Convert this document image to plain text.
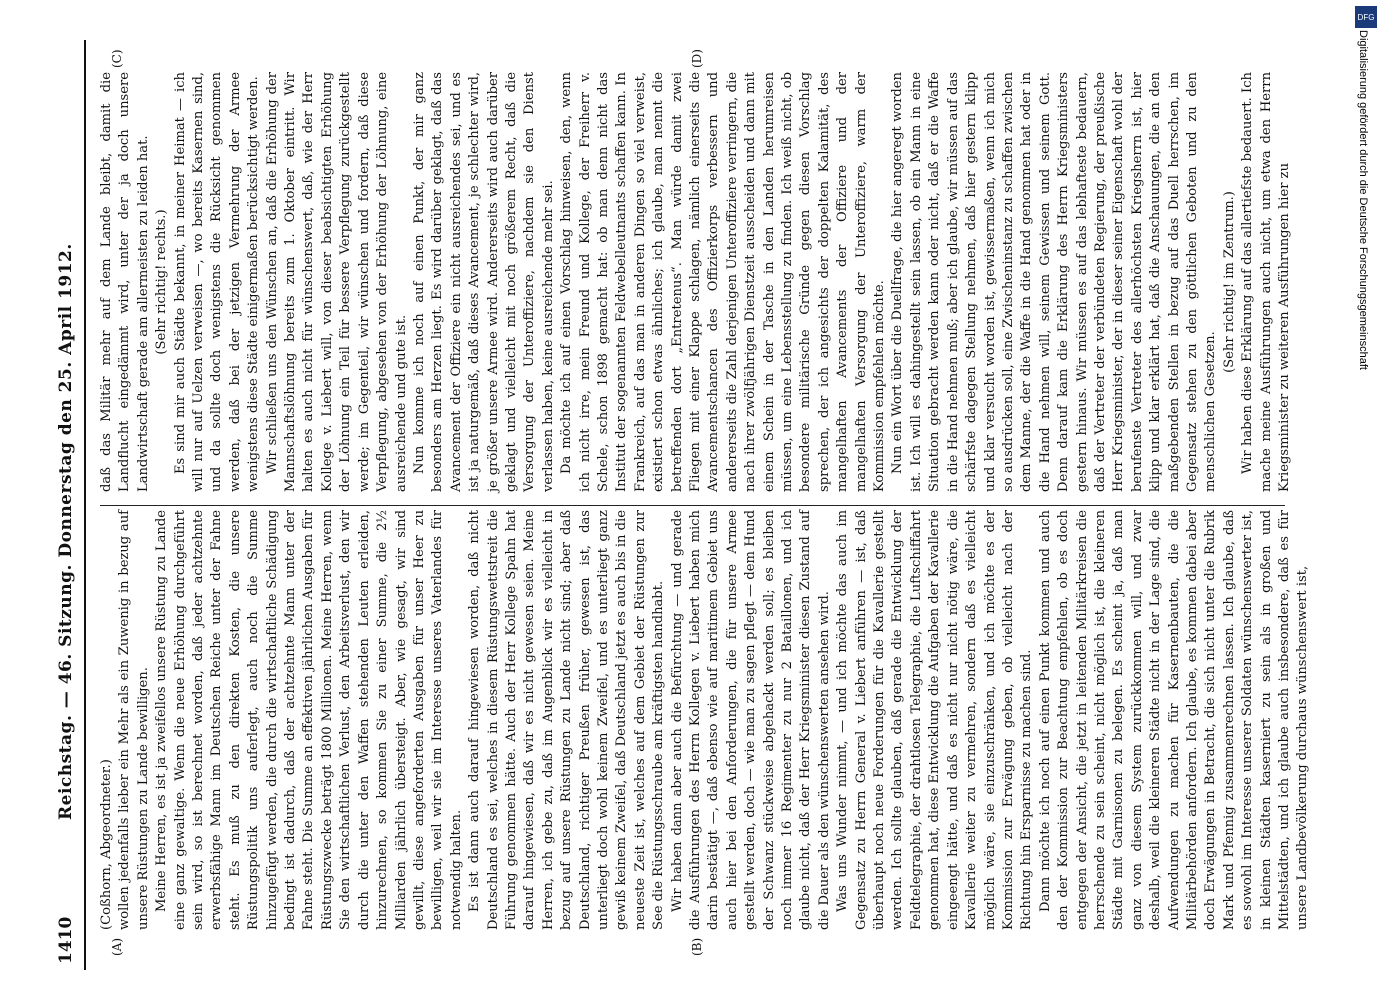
1410
Reichstag. — 46. Sitzung. Donnerstag den 25. April 1912.
(A)	(B)
(C)	(D)

(Coßhorn, Abgeordneter.) wollen jedenfalls lieber ein Mehr als ein Zuwenig in bezug auf unsere Rüstungen zu Lande bewilligen. Meine Herren, es ist ja zweifellos unsere Rüstung zu Lande eine ganz gewaltige. Wenn die neue Erhöhung durchgeführt sein wird, so ist berechnet worden, daß jeder achtzehnte erwerbsfähige Mann im Deutschen Reiche unter der Fahne steht. Es muß zu den direkten Kosten, die unsere Rüstungspolitik uns auferlegt, auch noch die Summe hinzugefügt werden, die durch die wirtschaftliche Schädigung bedingt ist dadurch, daß der achtzehnte Mann unter der Fahne steht. Die Summe an effektiven jährlichen Ausgaben für Rüstungszwecke beträgt 1800 Millionen. Meine Herren, wenn Sie den wirtschaftlichen Verlust, den Arbeitsverlust, den wir durch die unter den Waffen stehenden Leuten erleiden, hinzurechnen, so kommen Sie zu einer Summe, die 2½ Milliarden jährlich übersteigt. Aber, wie gesagt, wir sind gewillt, diese angeforderten Ausgaben für unser Heer zu bewilligen, weil wir sie im Interesse unseres Vaterlandes für notwendig halten. Es ist dann auch darauf hingewiesen worden, daß nicht Deutschland es sei, welches in diesem Rüstungswettstreit die Führung genommen hätte. Auch der Herr Kollege Spahn hat darauf hingewiesen, daß wir es nicht gewesen seien. Meine Herren, ich gebe zu, daß im Augenblick wir es vielleicht in bezug auf unsere Rüstungen zu Lande nicht sind; aber daß Deutschland, richtiger Preußen früher, gewesen ist, das unterliegt doch wohl keinem Zweifel, und es unterliegt ganz gewiß keinem Zweifel, daß Deutschland jetzt es auch bis in die neueste Zeit ist, welches auf dem Gebiet der Rüstungen zur See die Rüstungsschraube am kräftigsten handhabt. Wir haben dann aber auch die Befürchtung — und gerade die Ausführungen des Herrn Kollegen v. Liebert haben mich darin bestätigt —, daß ebenso wie auf maritimem Gebiet uns auch hier bei den Anforderungen, die für unsere Armee gestellt werden, doch — wie man zu sagen pflegt — dem Hund der Schwanz stückweise abgehackt werden soll; es bleiben noch immer 16 Regimenter zu nur 2 Bataillonen, und ich glaube nicht, daß der Herr Kriegsminister diesen Zustand auf die Dauer als den wünschenswerten ansehen wird. Was uns Wunder nimmt, — und ich möchte das auch im Gegensatz zu Herrn General v. Liebert anführen — ist, daß überhaupt noch neue Forderungen für die Kavallerie gestellt werden. Ich sollte glauben, daß gerade die Entwicklung der Feldtelegraphie, der drahtlosen Telegraphie, die Luftschiffahrt genommen hat, diese Entwicklung die Aufgaben der Kavallerie eingeengt hätte, und daß es nicht nur nicht nötig wäre, die Kavallerie weiter zu vermehren, sondern daß es vielleicht möglich wäre, sie einzuschränken, und ich möchte es der Kommission zur Erwägung geben, ob vielleicht nach der Richtung hin Ersparnisse zu machen sind. Dann möchte ich noch auf einen Punkt kommen und auch den der Kommission zur Beachtung empfehlen, ob es doch entgegen der Ansicht, die jetzt in leitenden Militärkreisen die herrschende zu sein scheint, nicht möglich ist, die kleineren Städte mit Garnisonen zu belegen. Es scheint ja, daß man ganz von diesem System zurückkommen will, und zwar deshalb, weil die kleineren Städte nicht in der Lage sind, die Aufwendungen zu machen für Kasernenbauten, die die Militärbehörden anfordern. Ich glaube, es kommen dabei aber doch Erwägungen in Betracht, die sich nicht unter die Rubrik Mark und Pfennig zusammenrechnen lassen. Ich glaube, daß es sowohl im Interesse unserer Soldaten wünschenswerter ist, in kleinen Städten kaserniert zu sein als in großen und Mittelstädten, und ich glaube auch insbesondere, daß es für unsere Landbevölkerung durchaus wünschenswert ist,

daß das Militär mehr auf dem Lande bleibt, damit die Landflucht eingedämmt wird, unter der ja doch unsere Landwirtschaft gerade am allermeisten zu leiden hat. (Sehr richtig! rechts.) Es sind mir auch Städte bekannt, in meiner Heimat — ich will nur auf Uelzen verweisen —, wo bereits Kasernen sind, und da sollte doch wenigstens die Rücksicht genommen werden, daß bei der jetzigen Vermehrung der Armee wenigstens diese Städte einigermaßen berücksichtigt werden. Wir schließen uns den Wünschen an, daß die Erhöhung der Mannschaftslöhnung bereits zum 1. Oktober eintritt. Wir halten es auch nicht für wünschenswert, daß, wie der Herr Kollege v. Liebert will, von dieser beabsichtigten Erhöhung der Löhnung ein Teil für bessere Verpflegung zurückgestellt werde; im Gegenteil, wir wünschen und fordern, daß diese Verpflegung, abgesehen von der Erhöhung der Löhnung, eine ausreichende und gute ist. Nun komme ich noch auf einen Punkt, der mir ganz besonders am Herzen liegt. Es wird darüber geklagt, daß das Avancement der Offiziere ein nicht ausreichendes sei, und es ist ja naturgemäß, daß dieses Avancement, je schlechter wird, je größer unsere Armee wird. Andererseits wird auch darüber geklagt und vielleicht mit noch größerem Recht, daß die Versorgung der Unteroffiziere, nachdem sie den Dienst verlassen haben, keine ausreichende mehr sei. Da möchte ich auf einen Vorschlag hinweisen, den, wenn ich nicht irre, mein Freund und Kollege, der Freiherr v. Schele, schon 1898 gemacht hat: ob man denn nicht das Institut der sogenannten Feldwebelleutnants schaffen kann. In Frankreich, auf das man in anderen Dingen so viel verweist, existiert schon etwas ähnliches; ich glaube, man nennt die betreffenden dort „Entretenus“. Man würde damit zwei Fliegen mit einer Klappe schlagen, nämlich einerseits die Avancementschancen des Offizierkorps verbessern und andererseits die Zahl derjenigen Unteroffiziere verringern, die nach ihrer zwölfjährigen Dienstzeit ausscheiden und dann mit einem Schein in der Tasche in den Landen herumreisen müssen, um eine Lebensstellung zu finden. Ich weiß nicht, ob besondere militärische Gründe gegen diesen Vorschlag sprechen, der ich angesichts der doppelten Kalamität, des mangelhaften Avancements der Offiziere und der mangelhaften Versorgung der Unteroffiziere, warm der Kommission empfehlen möchte. Nun ein Wort über die Duellfrage, die hier angeregt worden ist. Ich will es dahingestellt sein lassen, ob ein Mann in eine Situation gebracht werden kann oder nicht, daß er die Waffe in die Hand nehmen muß; aber ich glaube, wir müssen auf das schärfste dagegen Stellung nehmen, daß hier gestern klipp und klar versucht worden ist, gewissermaßen, wenn ich mich so ausdrücken soll, eine Zwischeninstanz zu schaffen zwischen dem Manne, der die Waffe in die Hand genommen hat oder in die Hand nehmen will, seinem Gewissen und seinem Gott. Denn darauf kam die Erklärung des Herrn Kriegsministers gestern hinaus. Wir müssen es auf das lebhafteste bedauern, daß der Vertreter der verbündeten Regierung, der preußische Herr Kriegsminister, der in dieser seiner Eigenschaft wohl der berufenste Vertreter des allerhöchsten Kriegsherrn ist, hier klipp und klar erklärt hat, daß die Anschauungen, die an den maßgebenden Stellen in bezug auf das Duell herrschen, im Gegensatz stehen zu den göttlichen Geboten und zu den menschlichen Gesetzen.

(Sehr richtig! im Zentrum.) Wir haben diese Erklärung auf das allertiefste bedauert. Ich mache meine Ausführungen auch nicht, um etwa den Herrn Kriegsminister zu weiteren Ausführungen hier zu

DFG
Digitalisierung gefördert durch die Deutsche Forschungsgemeinschaft
